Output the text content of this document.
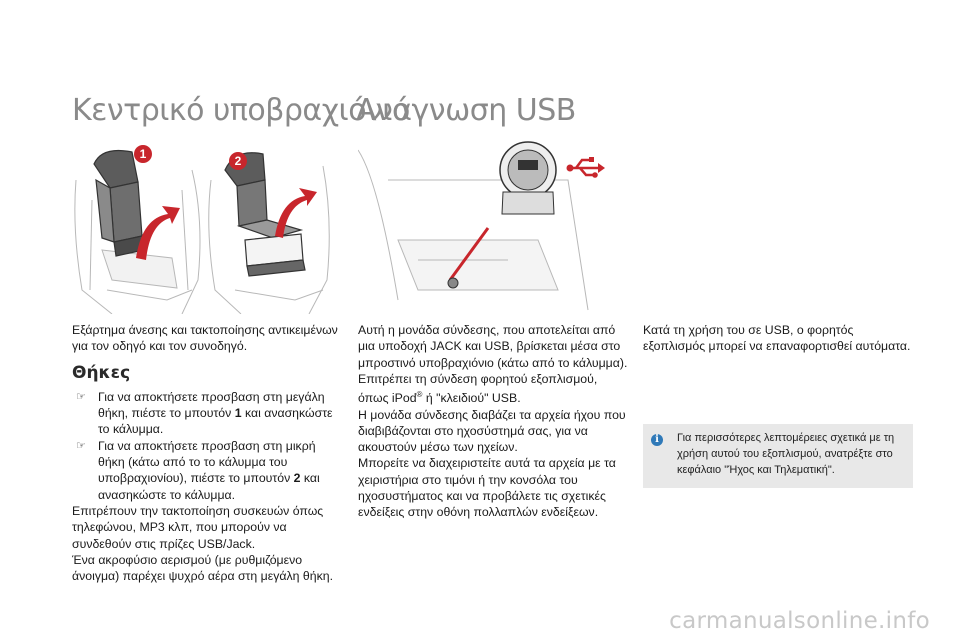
Κεντρικό υποβραχιόνιο
Ανάγνωση USB
1	2

Εξάρτημα άνεσης και τακτοποίησης αντικειμένων για τον οδηγό και τον συνοδηγό.

Θήκες
☞ Για να αποκτήσετε προσβαση στη μεγάλη θήκη, πιέστε το μπουτόν 1 και ανασηκώστε το κάλυμμα.
☞ Για να αποκτήσετε προσβαση στη μικρή θήκη (κάτω από το το κάλυμμα του υποβραχιονίου), πιέστε το μπουτόν 2 και ανασηκώστε το κάλυμμα.

Επιτρέπουν την τακτοποίηση συσκευών όπως τηλεφώνου, MP3 κλπ, που μπορούν να συνδεθούν στις πρίζες USB/Jack.

Ένα ακροφύσιο αερισμού (με ρυθμιζόμενο άνοιγμα) παρέχει ψυχρό αέρα στη μεγάλη θήκη.

Αυτή η μονάδα σύνδεσης, που αποτελείται από μια υποδοχή JACK και USB, βρίσκεται μέσα στο μπροστινό υποβραχιόνιο (κάτω από το κάλυμμα).

Επιτρέπει τη σύνδεση φορητού εξοπλισμού, όπως iPod® ή "κλειδιού" USB.

Η μονάδα σύνδεσης διαβάζει τα αρχεία ήχου που διαβιβάζονται στο ηχοσύστημά σας, για να ακουστούν μέσω των ηχείων.

Μπορείτε να διαχειριστείτε αυτά τα αρχεία με τα χειριστήρια στο τιμόνι ή την κονσόλα του ηχοσυστήματος και να προβάλετε τις σχετικές ενδείξεις στην οθόνη πολλαπλών ενδείξεων.

Κατά τη χρήση του σε USB, ο φορητός εξοπλισμός μπορεί να επαναφορτισθεί αυτόματα.

i	Για περισσότερες λεπτομέρειες σχετικά με τη χρήση αυτού του εξοπλισμού, ανατρέξτε στο κεφάλαιο "Ήχος και Τηλεματική".
carmanualsonline.info
